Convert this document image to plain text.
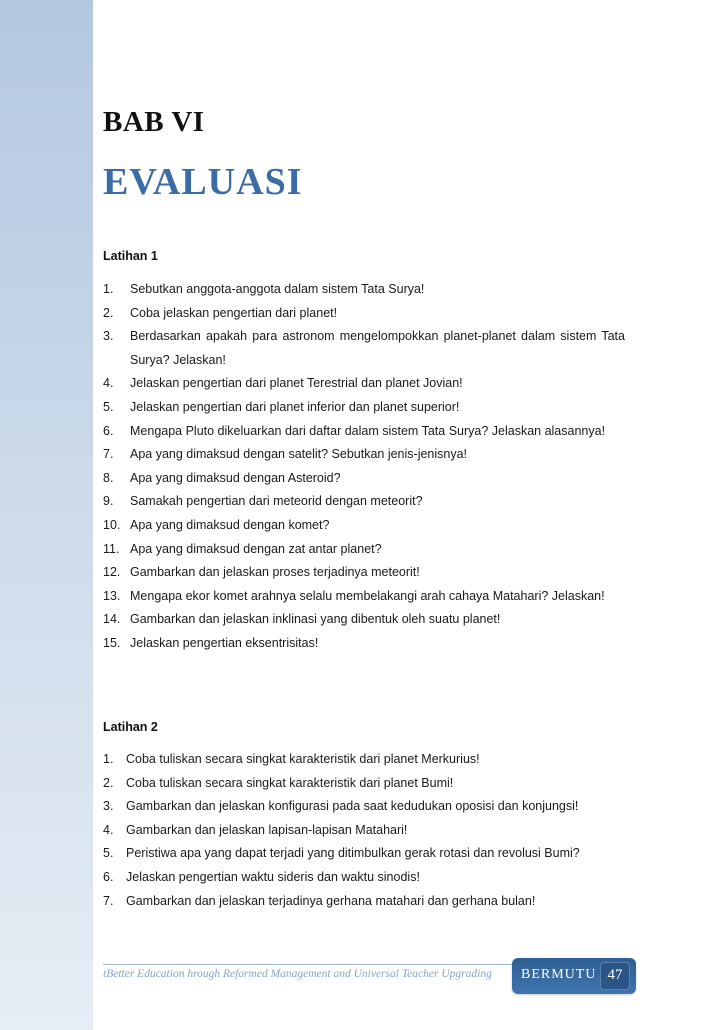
BAB VI
EVALUASI
Latihan 1
1. Sebutkan anggota-anggota dalam sistem Tata Surya!
2. Coba jelaskan pengertian dari planet!
3. Berdasarkan apakah para astronom mengelompokkan planet-planet dalam sistem Tata Surya? Jelaskan!
4. Jelaskan pengertian dari planet Terestrial dan planet Jovian!
5. Jelaskan pengertian dari planet inferior dan planet superior!
6. Mengapa Pluto dikeluarkan dari daftar dalam sistem Tata Surya? Jelaskan alasannya!
7. Apa yang dimaksud dengan satelit? Sebutkan jenis-jenisnya!
8. Apa yang dimaksud dengan Asteroid?
9. Samakah pengertian dari meteorid dengan meteorit?
10. Apa yang dimaksud dengan komet?
11. Apa yang dimaksud dengan zat antar planet?
12. Gambarkan dan jelaskan proses terjadinya meteorit!
13. Mengapa ekor komet arahnya selalu membelakangi arah cahaya Matahari? Jelaskan!
14. Gambarkan dan jelaskan inklinasi yang dibentuk oleh suatu planet!
15. Jelaskan pengertian eksentrisitas!
Latihan 2
1. Coba tuliskan secara singkat karakteristik dari planet Merkurius!
2. Coba tuliskan secara singkat karakteristik dari planet Bumi!
3. Gambarkan dan jelaskan konfigurasi pada saat kedudukan oposisi dan konjungsi!
4. Gambarkan dan jelaskan lapisan-lapisan Matahari!
5. Peristiwa apa yang dapat terjadi yang ditimbulkan gerak rotasi dan revolusi Bumi?
6. Jelaskan pengertian waktu sideris dan waktu sinodis!
7. Gambarkan dan jelaskan terjadinya gerhana matahari dan gerhana bulan!
tBetter Education hrough Reformed Management and Universal Teacher Upgrading BERMUTU 47
